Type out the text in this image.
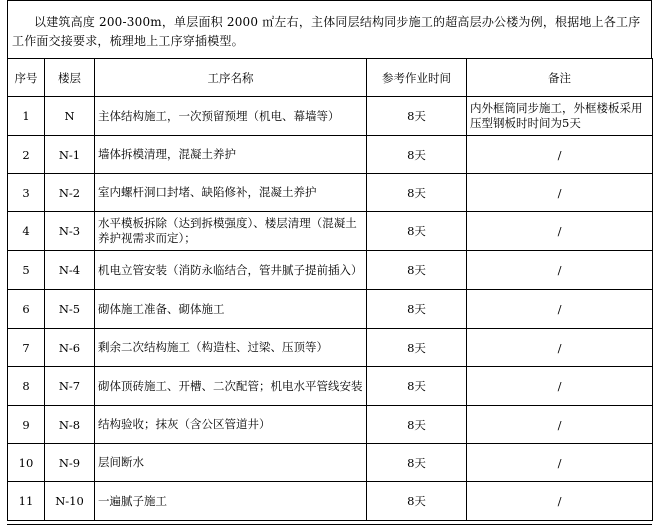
以建筑高度 200-300m，单层面积 2000 ㎡左右，主体同层结构同步施工的超高层办公楼为例，根据地上各工序工作面交接要求，梳理地上工序穿插模型。
序号	楼层	工序名称	参考作业时间	备注
1	N	主体结构施工，一次预留预埋（机电、幕墙等）	8天	内外框筒同步施工，外框楼板采用压型钢板时时间为5天
2	N-1	墙体拆模清理，混凝土养护	8天	/
3	N-2	室内螺杆洞口封堵、缺陷修补，混凝土养护	8天	/
4	N-3	水平模板拆除（达到拆模强度）、楼层清理（混凝土养护视需求而定）；	8天	/
5	N-4	机电立管安装（消防永临结合，管井腻子提前插入）	8天	/
6	N-5	砌体施工准备、砌体施工	8天	/
7	N-6	剩余二次结构施工（构造柱、过梁、压顶等）	8天	/
8	N-7	砌体顶砖施工、开槽、二次配管；机电水平管线安装	8天	/
9	N-8	结构验收；抹灰（含公区管道井）	8天	/
10	N-9	层间断水	8天	/
11	N-10	一遍腻子施工	8天	/
